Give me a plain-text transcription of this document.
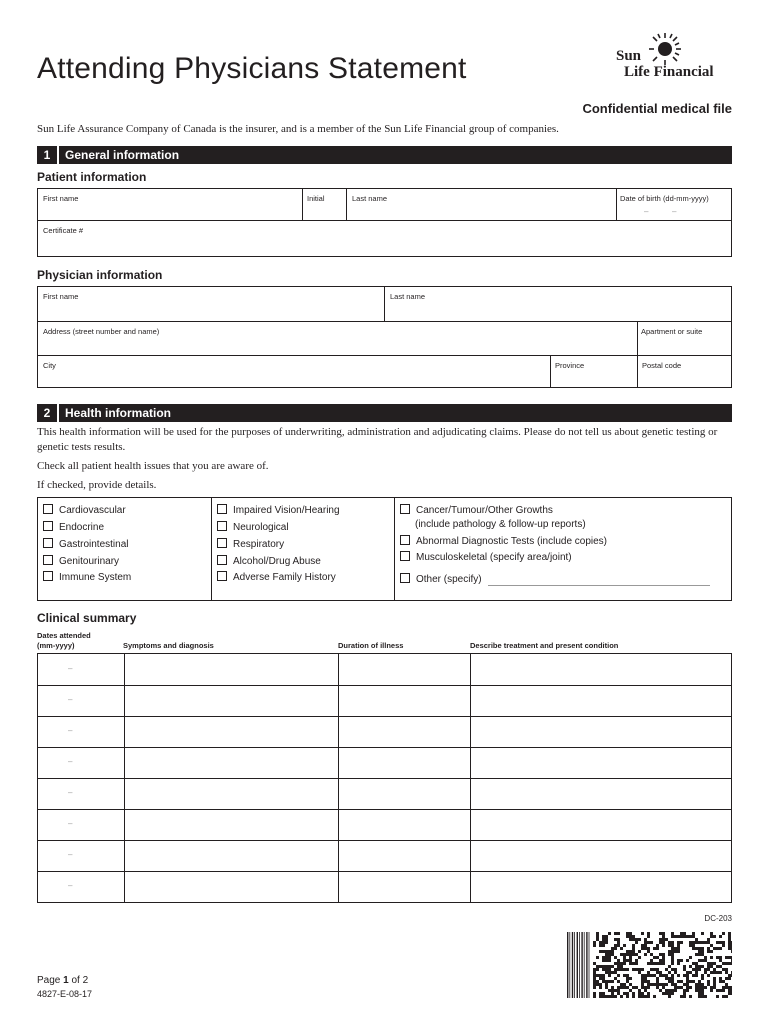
Attending Physicians Statement	Sun
Life Financial
Confidential medical file
Sun Life Assurance Company of Canada is the insurer, and is a member of the Sun Life Financial group of companies.
1	General information
Patient information
First name	Initial	Last name	Date of birth (dd-mm-yyyy)
–	–
Certificate #
Physician information
First name	Last name
Address (street number and name)	Apartment or suite
City	Province	Postal code
2	Health information
This health information will be used for the purposes of underwriting, administration and adjudicating claims. Please do not tell us about genetic testing or genetic tests results.
Check all patient health issues that you are aware of.
If checked, provide details.
Cardiovascular
Endocrine
Gastrointestinal
Genitourinary
Immune System
Impaired Vision/Hearing
Neurological
Respiratory
Alcohol/Drug Abuse
Adverse Family History
Cancer/Tumour/Other Growths
(include pathology & follow-up reports)
Abnormal Diagnostic Tests (include copies)
Musculoskeletal (specify area/joint)
Other (specify)
Clinical summary
Dates attended
(mm-yyyy)	Symptoms and diagnosis	Duration of illness	Describe treatment and present condition
–
–
–
–
–
–
–
–
DC-203
Page 1 of 2
4827-E-08-17
